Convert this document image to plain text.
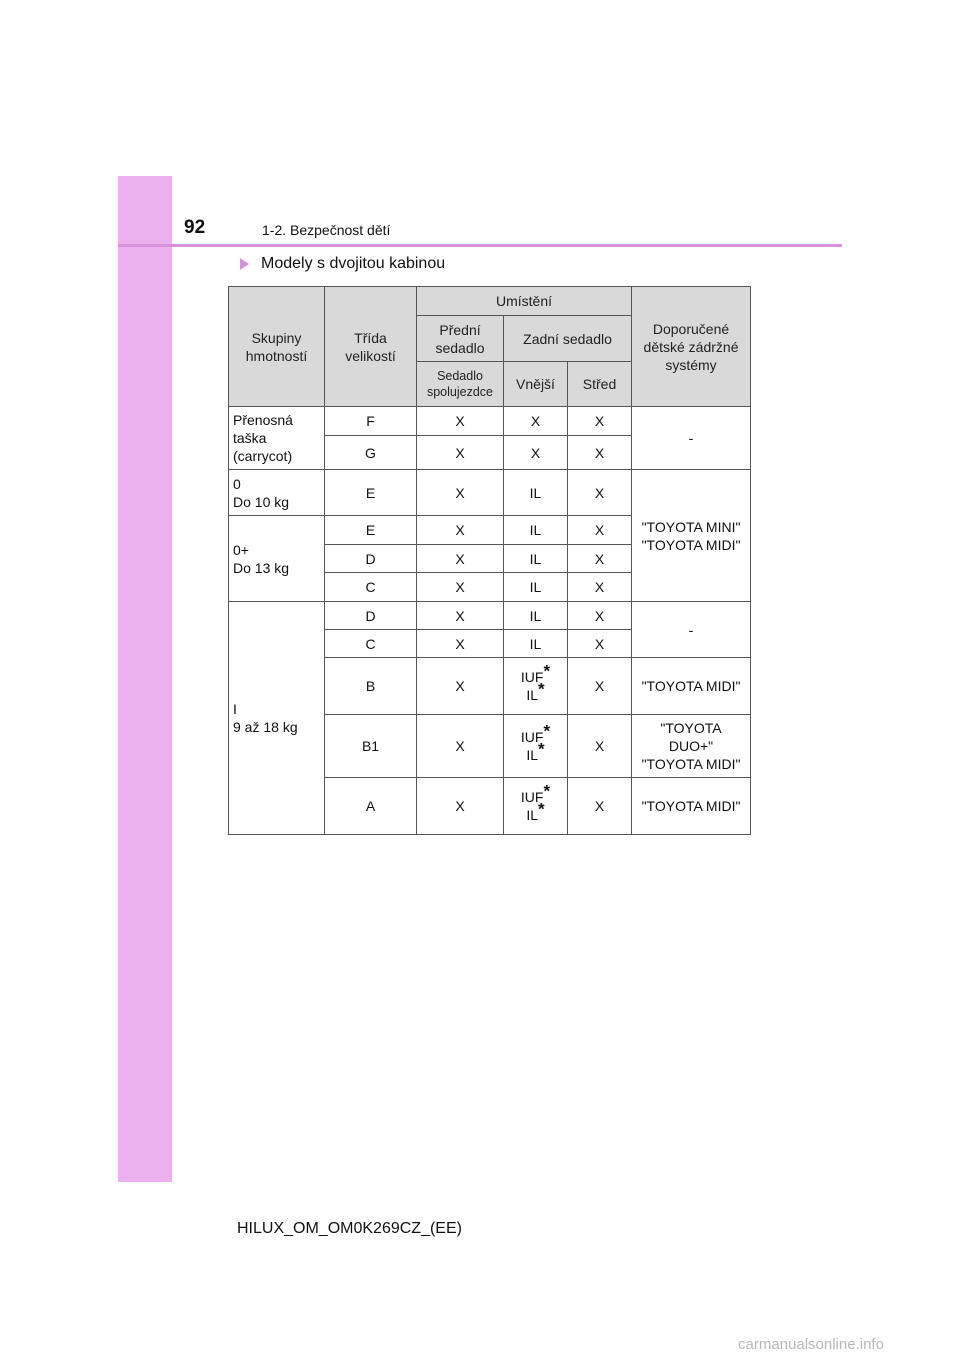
92	1-2. Bezpečnost dětí
Modely s dvojitou kabinou
Skupiny hmotností	Třída velikostí	Umístění			Doporučené dětské zádržné systémy
		Přední sedadlo	Zadní sedadlo		

		Sedadlo
spolujezdce	Vnější	Střed	

Přenosná
taška
(carrycot)	F	X	X	X	-
	G	X	X	X	

0
Do 10 kg	E	X	IL	X	"TOYOTA MINI"
"TOYOTA MIDI"

0+
Do 13 kg	E	X	IL	X	
	D	X	IL	X	
	C	X	IL	X	

I
9 až 18 kg	D	X	IL	X	-
	C	X	IL	X	
	B	X	IUF*
IL*	X	"TOYOTA MIDI"
	B1	X	IUF*
IL*	X	"TOYOTA
DUO+"
"TOYOTA MIDI"

	A	X	IUF*
IL*	X	"TOYOTA MIDI"
HILUX_OM_OM0K269CZ_(EE)
carmanualsonline.info
